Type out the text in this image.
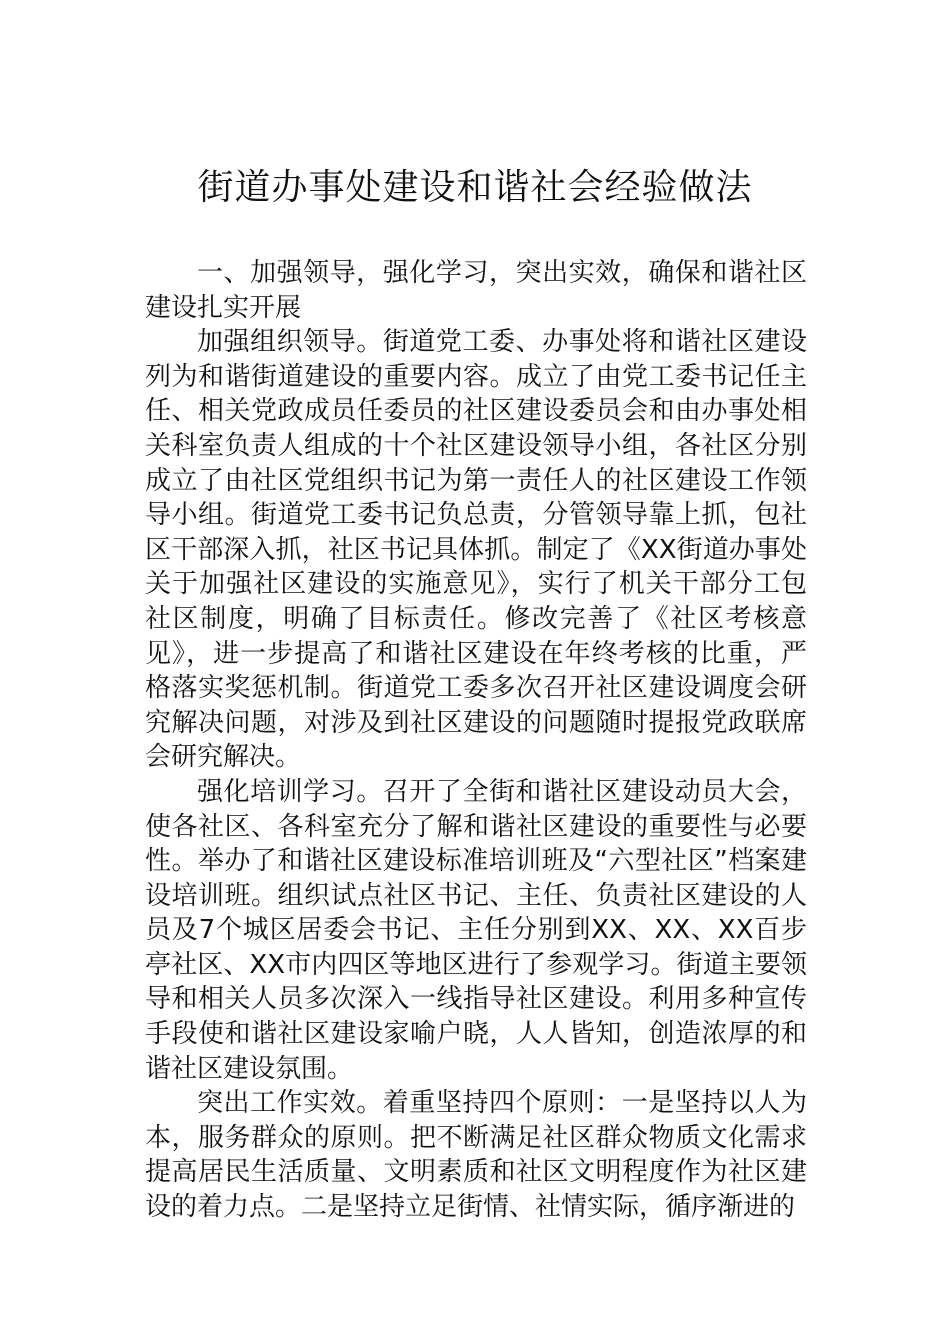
街道办事处建设和谐社会经验做法

一、加强领导，强化学习，突出实效，确保和谐社区建设扎实开展

加强组织领导。街道党工委、办事处将和谐社区建设列为和谐街道建设的重要内容。成立了由党工委书记任主任、相关党政成员任委员的社区建设委员会和由办事处相关科室负责人组成的十个社区建设领导小组，各社区分别成立了由社区党组织书记为第一责任人的社区建设工作领导小组。街道党工委书记负总责，分管领导靠上抓，包社区干部深入抓，社区书记具体抓。制定了《XX街道办事处关于加强社区建设的实施意见》，实行了机关干部分工包社区制度，明确了目标责任。修改完善了《社区考核意见》，进一步提高了和谐社区建设在年终考核的比重，严格落实奖惩机制。街道党工委多次召开社区建设调度会研究解决问题，对涉及到社区建设的问题随时提报党政联席会研究解决。

强化培训学习。召开了全街和谐社区建设动员大会，使各社区、各科室充分了解和谐社区建设的重要性与必要性。举办了和谐社区建设标准培训班及“六型社区”档案建设培训班。组织试点社区书记、主任、负责社区建设的人员及7个城区居委会书记、主任分别到XX、XX、XX百步亭社区、XX市内四区等地区进行了参观学习。街道主要领导和相关人员多次深入一线指导社区建设。利用多种宣传手段使和谐社区建设家喻户晓，人人皆知，创造浓厚的和谐社区建设氛围。

突出工作实效。着重坚持四个原则：一是坚持以人为本，服务群众的原则。把不断满足社区群众物质文化需求提高居民生活质量、文明素质和社区文明程度作为社区建设的着力点。二是坚持立足街情、社情实际，循序渐进的
